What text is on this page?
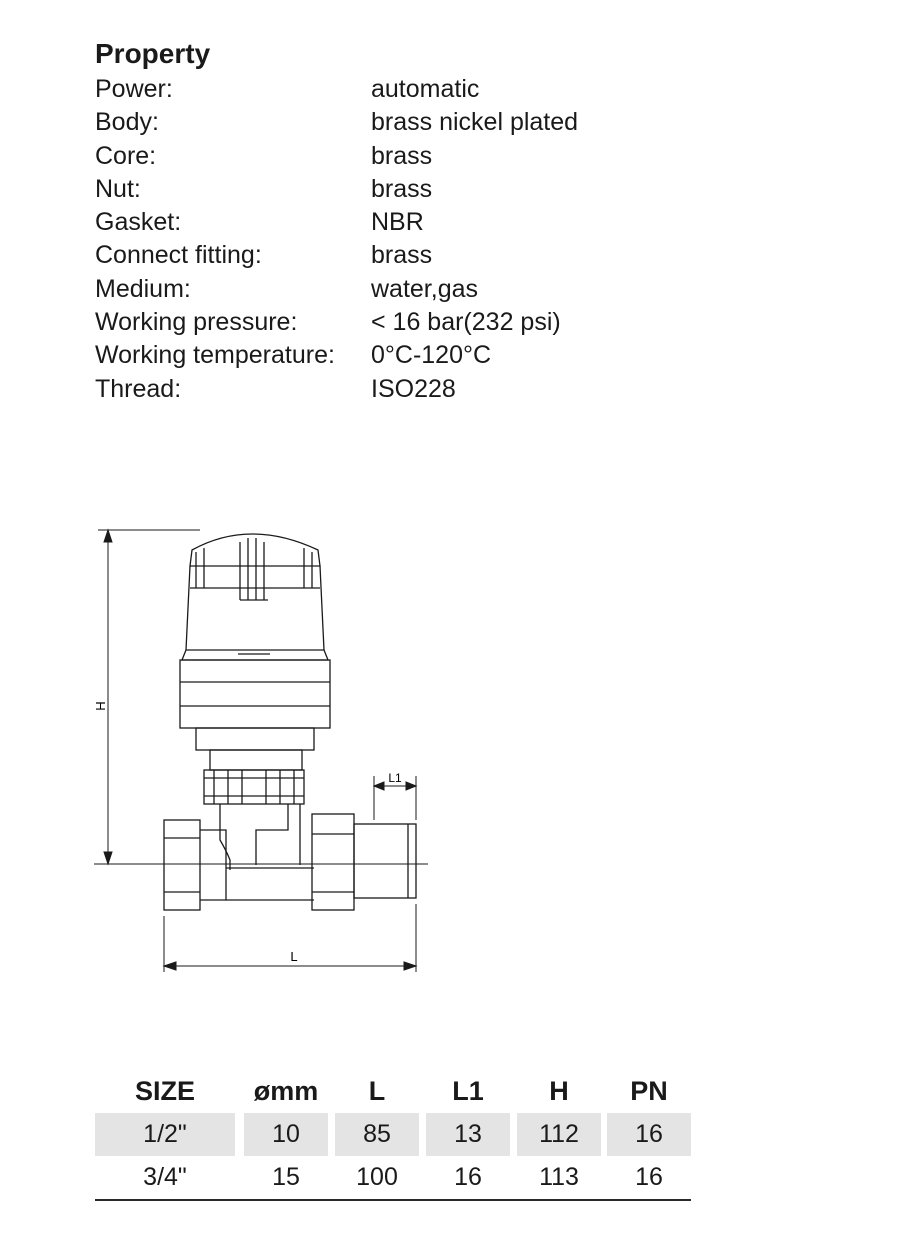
Property
Power:	automatic
Body:	brass nickel plated
Core:	brass
Nut:	brass
Gasket:	NBR
Connect fitting:	brass
Medium:	water,gas
Working pressure:	< 16 bar(232 psi)
Working temperature: 0°C-120°C
Thread:	ISO228
H
L
L1
SIZE	ømm	L	L1	H	PN
1/2"	10	85	13	112	16
3/4"	15	100	16	113	16
